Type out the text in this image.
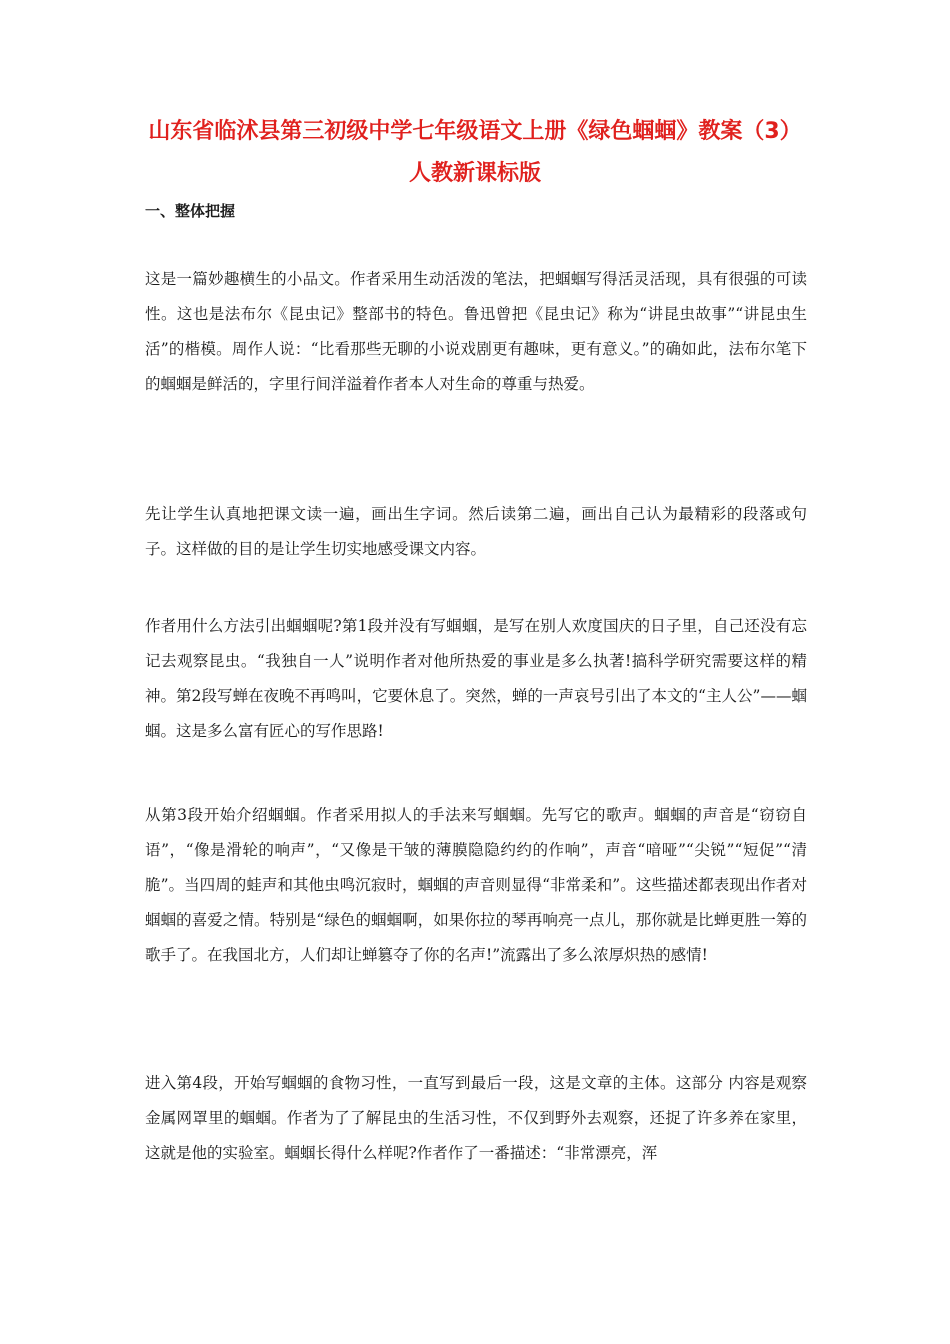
山东省临沭县第三初级中学七年级语文上册《绿色蝈蝈》教案（3）
人教新课标版
一、整体把握

这是一篇妙趣横生的小品文。作者采用生动活泼的笔法，把蝈蝈写得活灵活现，具有很强的可读性。这也是法布尔《昆虫记》整部书的特色。鲁迅曾把《昆虫记》称为“讲昆虫故事”“讲昆虫生活”的楷模。周作人说：“比看那些无聊的小说戏剧更有趣味，更有意义。”的确如此，法布尔笔下的蝈蝈是鲜活的，字里行间洋溢着作者本人对生命的尊重与热爱。

先让学生认真地把课文读一遍，画出生字词。然后读第二遍，画出自己认为最精彩的段落或句子。这样做的目的是让学生切实地感受课文内容。

作者用什么方法引出蝈蝈呢?第1段并没有写蝈蝈，是写在别人欢度国庆的日子里，自己还没有忘记去观察昆虫。“我独自一人”说明作者对他所热爱的事业是多么执著!搞科学研究需要这样的精神。第2段写蝉在夜晚不再鸣叫，它要休息了。突然，蝉的一声哀号引出了本文的“主人公”——蝈蝈。这是多么富有匠心的写作思路!

从第3段开始介绍蝈蝈。作者采用拟人的手法来写蝈蝈。先写它的歌声。蝈蝈的声音是“窃窃自语”，“像是滑轮的响声”，“又像是干皱的薄膜隐隐约约的作响”，声音“喑哑”“尖锐”“短促”“清脆”。当四周的蛙声和其他虫鸣沉寂时，蝈蝈的声音则显得“非常柔和”。这些描述都表现出作者对蝈蝈的喜爱之情。特别是“绿色的蝈蝈啊，如果你拉的琴再响亮一点儿，那你就是比蝉更胜一筹的歌手了。在我国北方，人们却让蝉篡夺了你的名声!”流露出了多么浓厚炽热的感情!

进入第4段，开始写蝈蝈的食物习性，一直写到最后一段，这是文章的主体。这部分 内容是观察金属网罩里的蝈蝈。作者为了了解昆虫的生活习性，不仅到野外去观察，还捉了许多养在家里，这就是他的实验室。蝈蝈长得什么样呢?作者作了一番描述：“非常漂亮，浑
